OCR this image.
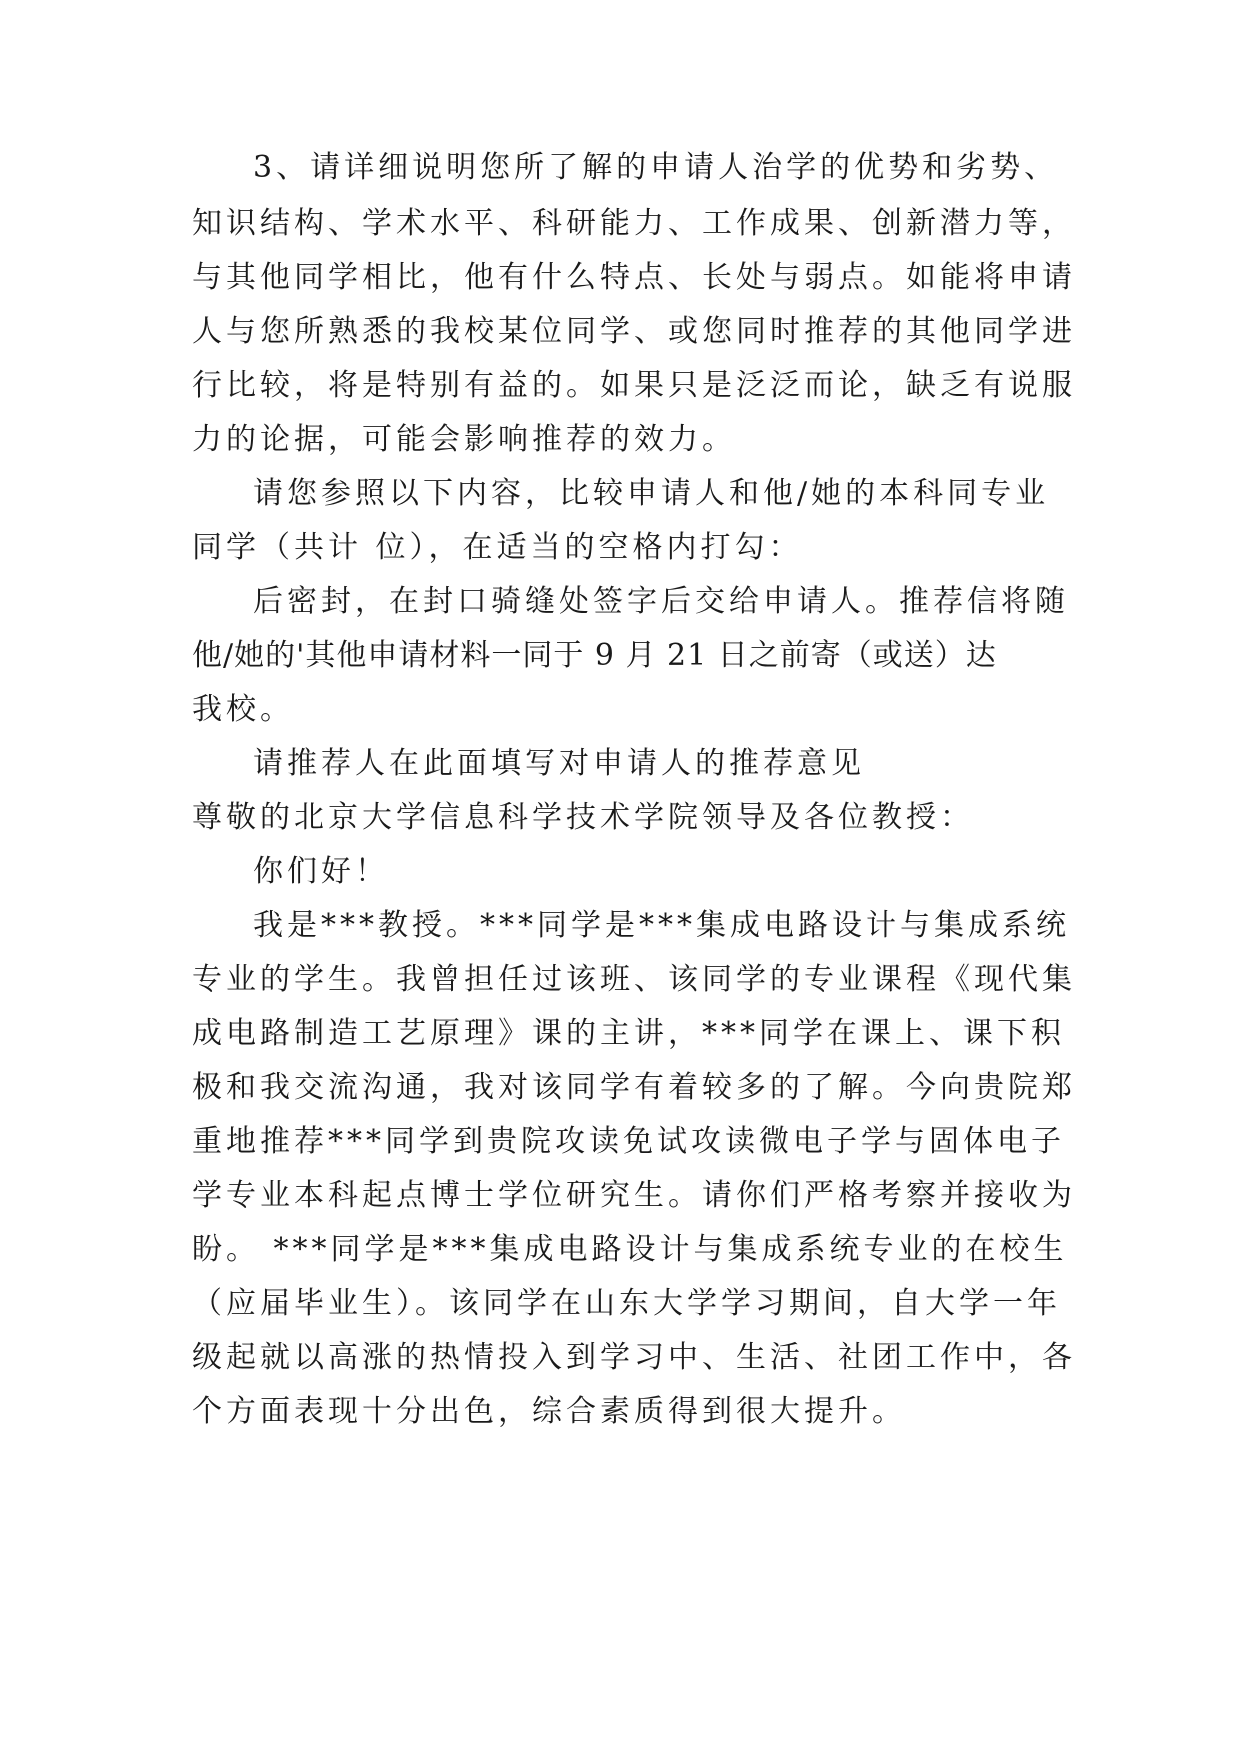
3、请详细说明您所了解的申请人治学的优势和劣势、
知识结构、学术水平、科研能力、工作成果、创新潜力等，
与其他同学相比，他有什么特点、长处与弱点。如能将申请
人与您所熟悉的我校某位同学、或您同时推荐的其他同学进
行比较，将是特别有益的。如果只是泛泛而论，缺乏有说服
力的论据，可能会影响推荐的效力。
请您参照以下内容，比较申请人和他/她的本科同专业
同学（共计 位），在适当的空格内打勾：
后密封，在封口骑缝处签字后交给申请人。推荐信将随
他/她的'其他申请材料一同于 9 月 21 日之前寄（或送）达
我校。
请推荐人在此面填写对申请人的推荐意见
尊敬的北京大学信息科学技术学院领导及各位教授：
你们好！
我是***教授。***同学是***集成电路设计与集成系统
专业的学生。我曾担任过该班、该同学的专业课程《现代集
成电路制造工艺原理》课的主讲，***同学在课上、课下积
极和我交流沟通，我对该同学有着较多的了解。今向贵院郑
重地推荐***同学到贵院攻读免试攻读微电子学与固体电子
学专业本科起点博士学位研究生。请你们严格考察并接收为
盼。 ***同学是***集成电路设计与集成系统专业的在校生
（应届毕业生）。该同学在山东大学学习期间，自大学一年
级起就以高涨的热情投入到学习中、生活、社团工作中，各
个方面表现十分出色，综合素质得到很大提升。
